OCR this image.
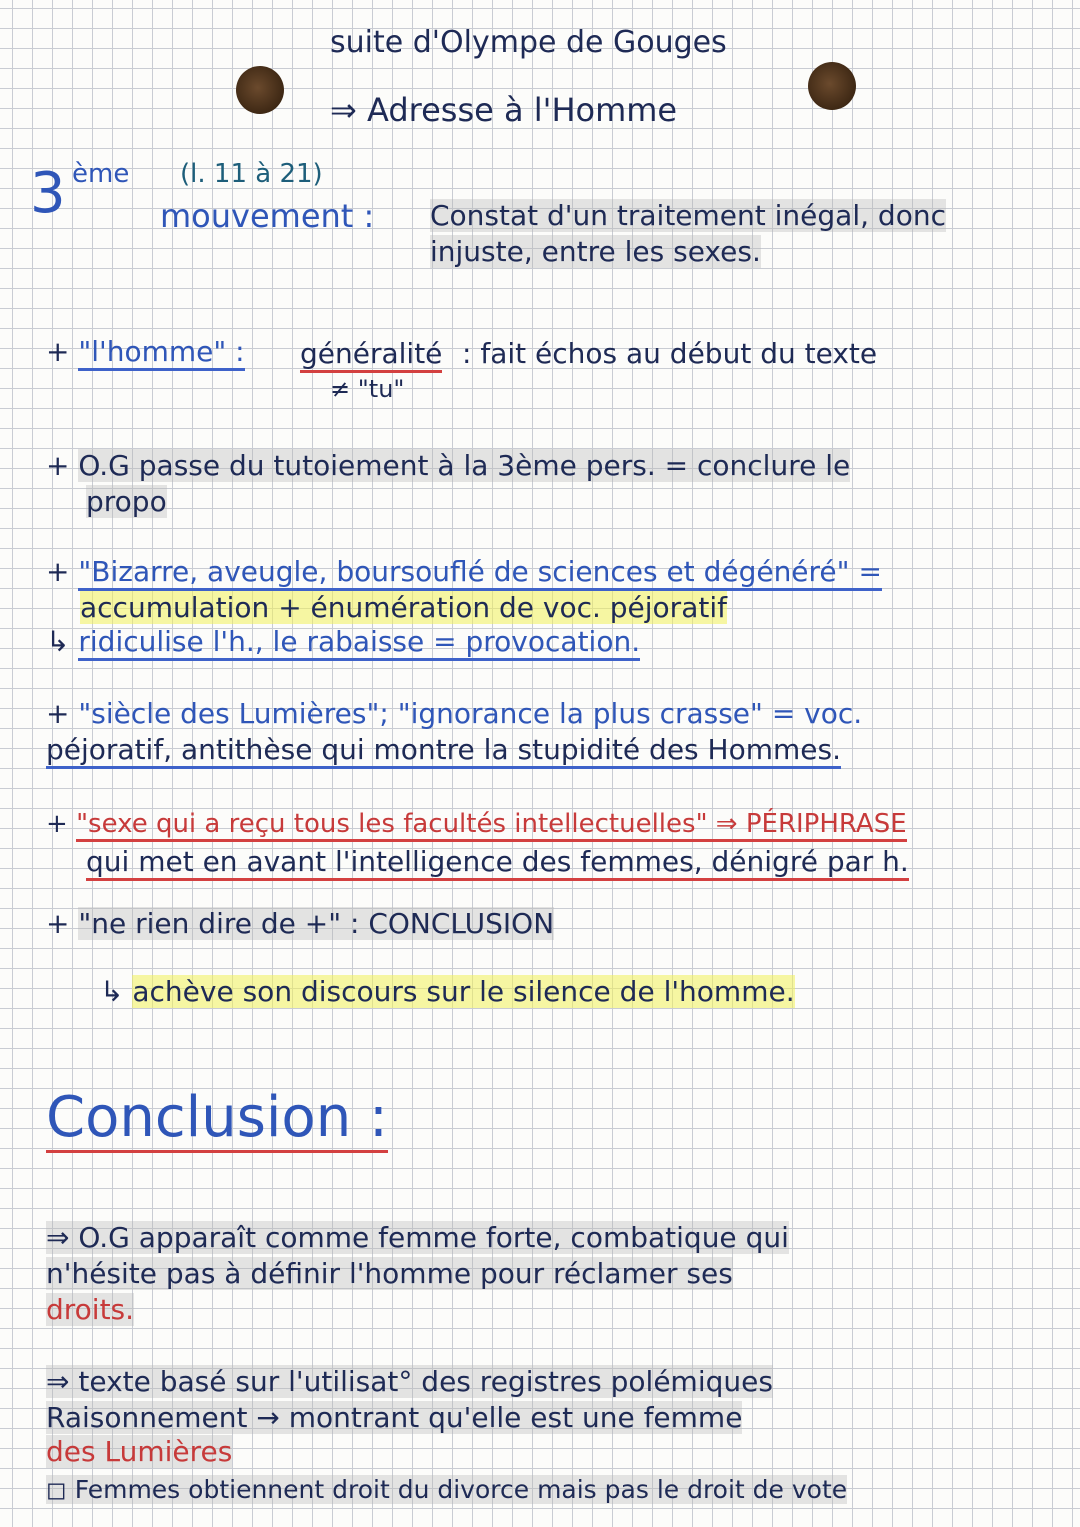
suite d'Olympe de Gouges
⇒ Adresse à l'Homme
3 ème (l. 11 à 21)
mouvement : Constat d'un traitement inégal, donc
injuste, entre les sexes.
+ "l'homme" : généralité
≠ "tu"
: fait échos au début du texte
+ O.G passe du tutoiement à la 3ème pers. = conclure le
propo
+ "Bizarre, aveugle, boursouflé de sciences et dégénéré" =
accumulation + énumération de voc. péjoratif
↳ ridiculise l'h., le rabaisse = provocation.
+ "siècle des Lumières"; "ignorance la plus crasse" = voc.
péjoratif, antithèse qui montre la stupidité des Hommes.
+ "sexe qui a reçu tous les facultés intellectuelles" ⇒ PÉRIPHRASE
qui met en avant l'intelligence des femmes, dénigré par h.
+ "ne rien dire de +" : CONCLUSION
↳ achève son discours sur le silence de l'homme.
Conclusion :
⇒ O.G apparaît comme femme forte, combatique qui
n'hésite pas à définir l'homme pour réclamer ses
droits.
⇒ texte basé sur l'utilisat° des registres polémiques
Raisonnement → montrant qu'elle est une femme
des Lumières
◻ Femmes obtiennent droit du divorce mais pas le droit de vote
